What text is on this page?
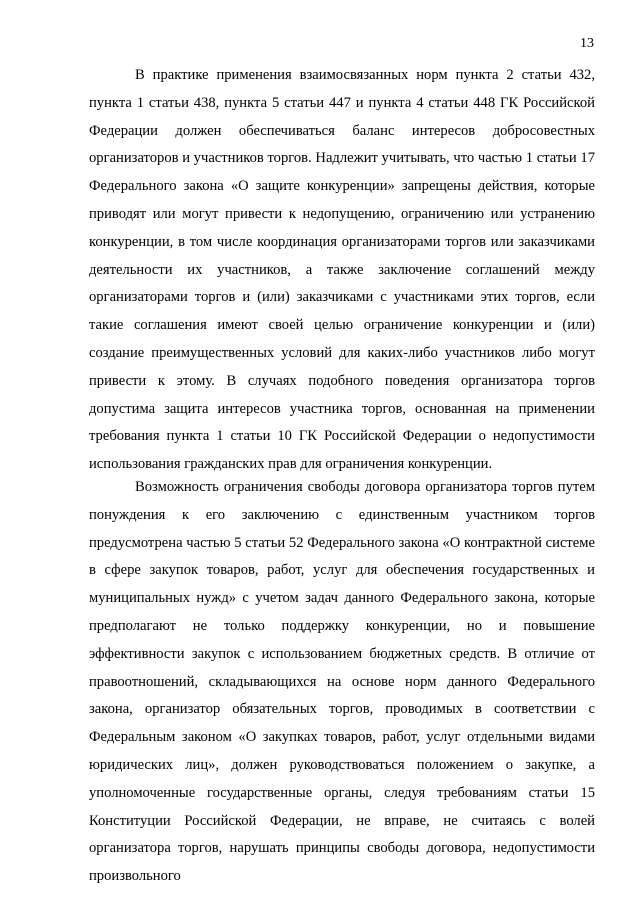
13

В практике применения взаимосвязанных норм пункта 2 статьи 432, пункта 1 статьи 438, пункта 5 статьи 447 и пункта 4 статьи 448 ГК Российской Федерации должен обеспечиваться баланс интересов добросовестных организаторов и участников торгов. Надлежит учитывать, что частью 1 статьи 17 Федерального закона «О защите конкуренции» запрещены действия, которые приводят или могут привести к недопущению, ограничению или устранению конкуренции, в том числе координация организаторами торгов или заказчиками деятельности их участников, а также заключение соглашений между организаторами торгов и (или) заказчиками с участниками этих торгов, если такие соглашения имеют своей целью ограничение конкуренции и (или) создание преимущественных условий для каких-либо участников либо могут привести к этому. В случаях подобного поведения организатора торгов допустима защита интересов участника торгов, основанная на применении требования пункта 1 статьи 10 ГК Российской Федерации о недопустимости использования гражданских прав для ограничения конкуренции.

Возможность ограничения свободы договора организатора торгов путем понуждения к его заключению с единственным участником торгов предусмотрена частью 5 статьи 52 Федерального закона «О контрактной системе в сфере закупок товаров, работ, услуг для обеспечения государственных и муниципальных нужд» с учетом задач данного Федерального закона, которые предполагают не только поддержку конкуренции, но и повышение эффективности закупок с использованием бюджетных средств. В отличие от правоотношений, складывающихся на основе норм данного Федерального закона, организатор обязательных торгов, проводимых в соответствии с Федеральным законом «О закупках товаров, работ, услуг отдельными видами юридических лиц», должен руководствоваться положением о закупке, а уполномоченные государственные органы, следуя требованиям статьи 15 Конституции Российской Федерации, не вправе, не считаясь с волей организатора торгов, нарушать принципы свободы договора, недопустимости произвольного
